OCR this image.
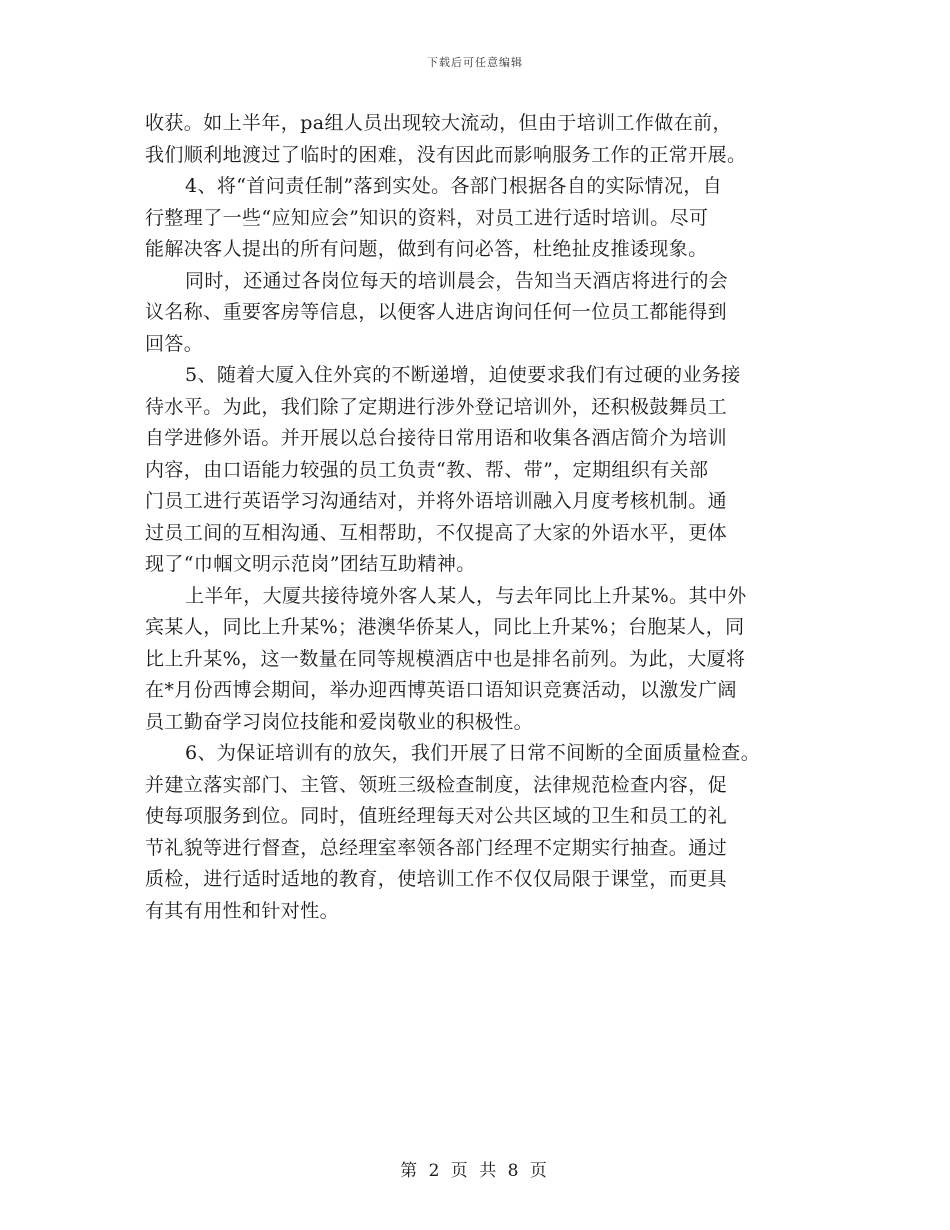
下载后可任意编辑
收获。如上半年，pa组人员出现较大流动，但由于培训工作做在前，
我们顺利地渡过了临时的困难，没有因此而影响服务工作的正常开展。
4、将“首问责任制”落到实处。各部门根据各自的实际情况，自
行整理了一些“应知应会”知识的资料，对员工进行适时培训。尽可
能解决客人提出的所有问题，做到有问必答，杜绝扯皮推诿现象。
同时，还通过各岗位每天的培训晨会，告知当天酒店将进行的会
议名称、重要客房等信息，以便客人进店询问任何一位员工都能得到
回答。
5、随着大厦入住外宾的不断递增，迫使要求我们有过硬的业务接
待水平。为此，我们除了定期进行涉外登记培训外，还积极鼓舞员工
自学进修外语。并开展以总台接待日常用语和收集各酒店简介为培训
内容，由口语能力较强的员工负责“教、帮、带”，定期组织有关部
门员工进行英语学习沟通结对，并将外语培训融入月度考核机制。通
过员工间的互相沟通、互相帮助，不仅提高了大家的外语水平，更体
现了“巾帼文明示范岗”团结互助精神。
上半年，大厦共接待境外客人某人，与去年同比上升某%。其中外
宾某人，同比上升某%；港澳华侨某人，同比上升某%；台胞某人，同
比上升某%，这一数量在同等规模酒店中也是排名前列。为此，大厦将
在*月份西博会期间，举办迎西博英语口语知识竞赛活动，以激发广阔
员工勤奋学习岗位技能和爱岗敬业的积极性。
6、为保证培训有的放矢，我们开展了日常不间断的全面质量检查。
并建立落实部门、主管、领班三级检查制度，法律规范检查内容，促
使每项服务到位。同时，值班经理每天对公共区域的卫生和员工的礼
节礼貌等进行督查，总经理室率领各部门经理不定期实行抽查。通过
质检，进行适时适地的教育，使培训工作不仅仅局限于课堂，而更具
有其有用性和针对性。
第 2 页 共 8 页
